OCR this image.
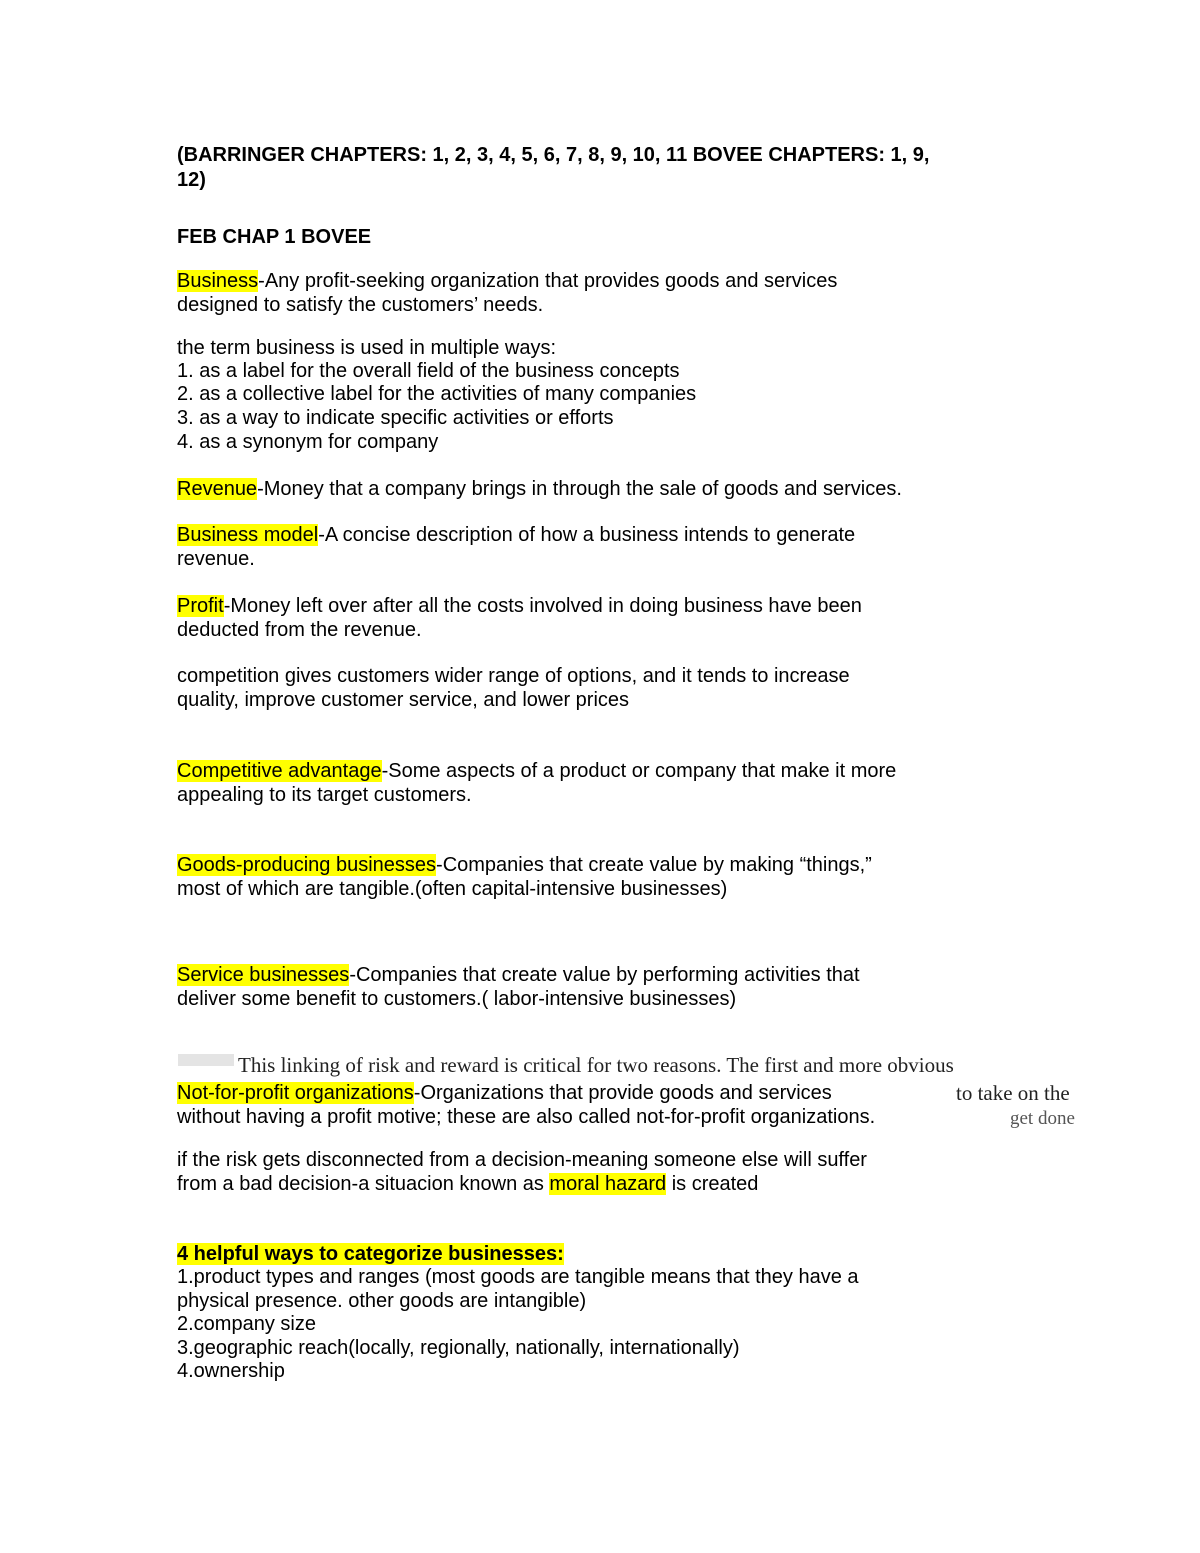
(BARRINGER CHAPTERS: 1, 2, 3, 4, 5, 6, 7, 8, 9, 10, 11 BOVEE CHAPTERS: 1, 9,
12)
FEB CHAP 1 BOVEE
Business-Any profit-seeking organization that provides goods and services
designed to satisfy the customers’ needs.
the term business is used in multiple ways:
1. as a label for the overall field of the business concepts
2. as a collective label for the activities of many companies
3. as a way to indicate specific activities or efforts
4. as a synonym for company
Revenue-Money that a company brings in through the sale of goods and services.
Business model-A concise description of how a business intends to generate
revenue.
Profit-Money left over after all the costs involved in doing business have been
deducted from the revenue.
competition gives customers wider range of options, and it tends to increase
quality, improve customer service, and lower prices
Competitive advantage-Some aspects of a product or company that make it more
appealing to its target customers.
Goods-producing businesses-Companies that create value by making “things,”
most of which are tangible.(often capital-intensive businesses)
Service businesses-Companies that create value by performing activities that
deliver some benefit to customers.( labor-intensive businesses)
This linking of risk and reward is critical for two reasons. The first and more obvious
to take on the
get done
Not-for-profit organizations-Organizations that provide goods and services
without having a profit motive; these are also called not-for-profit organizations.
if the risk gets disconnected from a decision-meaning someone else will suffer
from a bad decision-a situacion known as moral hazard is created
4 helpful ways to categorize businesses:
1.product types and ranges (most goods are tangible means that they have a
physical presence. other goods are intangible)
2.company size
3.geographic reach(locally, regionally, nationally, internationally)
4.ownership
